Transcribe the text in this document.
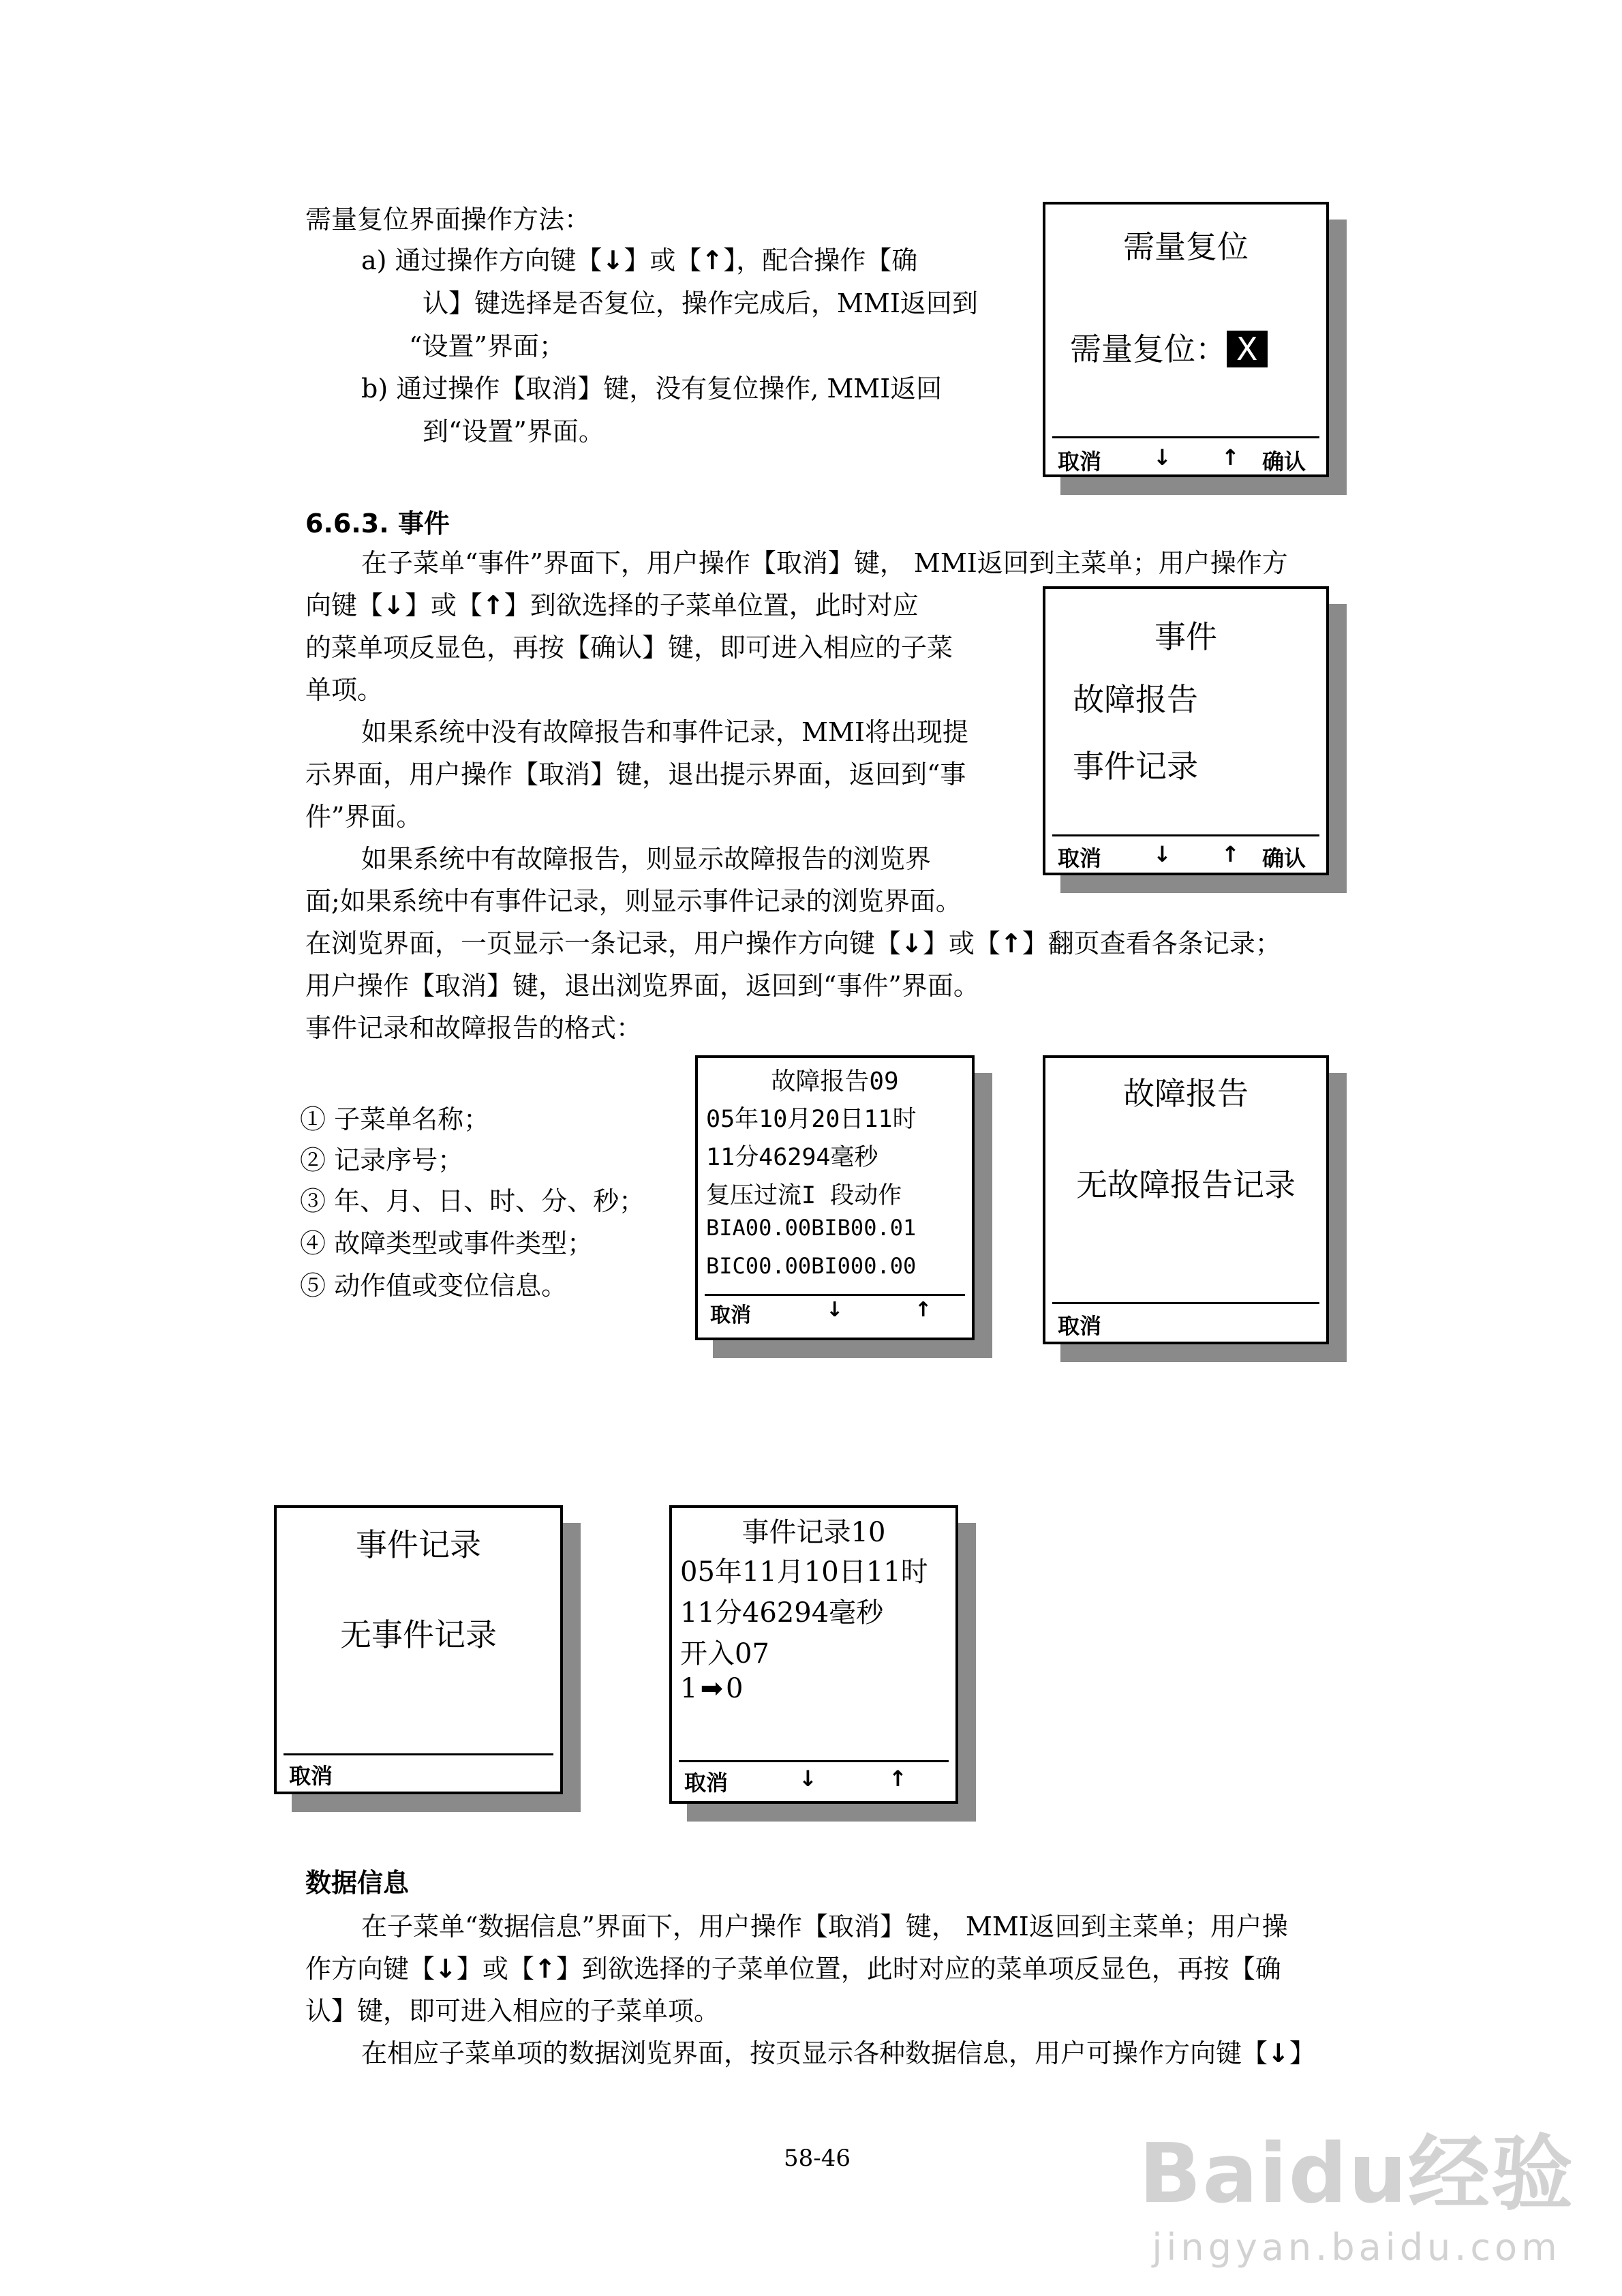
需量复位界面操作方法：
a) 通过操作方向键【↓】或【↑】，配合操作【确
认】键选择是否复位，操作完成后，MMI返回到
“设置”界面；
b) 通过操作【取消】键，没有复位操作, MMI返回
到“设置”界面。
需量复位
需量复位： X
取消 ↓ ↑ 确认
6.6.3. 事件
在子菜单“事件”界面下，用户操作【取消】键， MMI返回到主菜单；用户操作方
向键【↓】或【↑】到欲选择的子菜单位置，此时对应
的菜单项反显色，再按【确认】键，即可进入相应的子菜
单项。
如果系统中没有故障报告和事件记录，MMI将出现提
示界面，用户操作【取消】键，退出提示界面，返回到“事
件”界面。
如果系统中有故障报告，则显示故障报告的浏览界
面;如果系统中有事件记录，则显示事件记录的浏览界面。
在浏览界面，一页显示一条记录，用户操作方向键【↓】或【↑】翻页查看各条记录；
用户操作【取消】键，退出浏览界面，返回到“事件”界面。
事件记录和故障报告的格式：
① 子菜单名称；
② 记录序号；
③ 年、月、日、时、分、秒；
④ 故障类型或事件类型；
⑤ 动作值或变位信息。
事件
故障报告
事件记录
取消 ↓ ↑ 确认
故障报告09
05年10月20日11时
11分46294毫秒
复压过流I 段动作
BIA00.00BIB00.01
BIC00.00BI000.00
取消	↓	↑
故障报告
无故障报告记录
取消
事件记录
无事件记录
取消
事件记录10
05年11月10日11时
11分46294毫秒
开入07
1 ➡ 0
取消	↓	↑
数据信息
在子菜单“数据信息”界面下，用户操作【取消】键， MMI返回到主菜单；用户操
作方向键【↓】或【↑】到欲选择的子菜单位置，此时对应的菜单项反显色，再按【确
认】键，即可进入相应的子菜单项。
在相应子菜单项的数据浏览界面，按页显示各种数据信息，用户可操作方向键【↓】
58-46	Baidu经验
jingyan.baidu.com
